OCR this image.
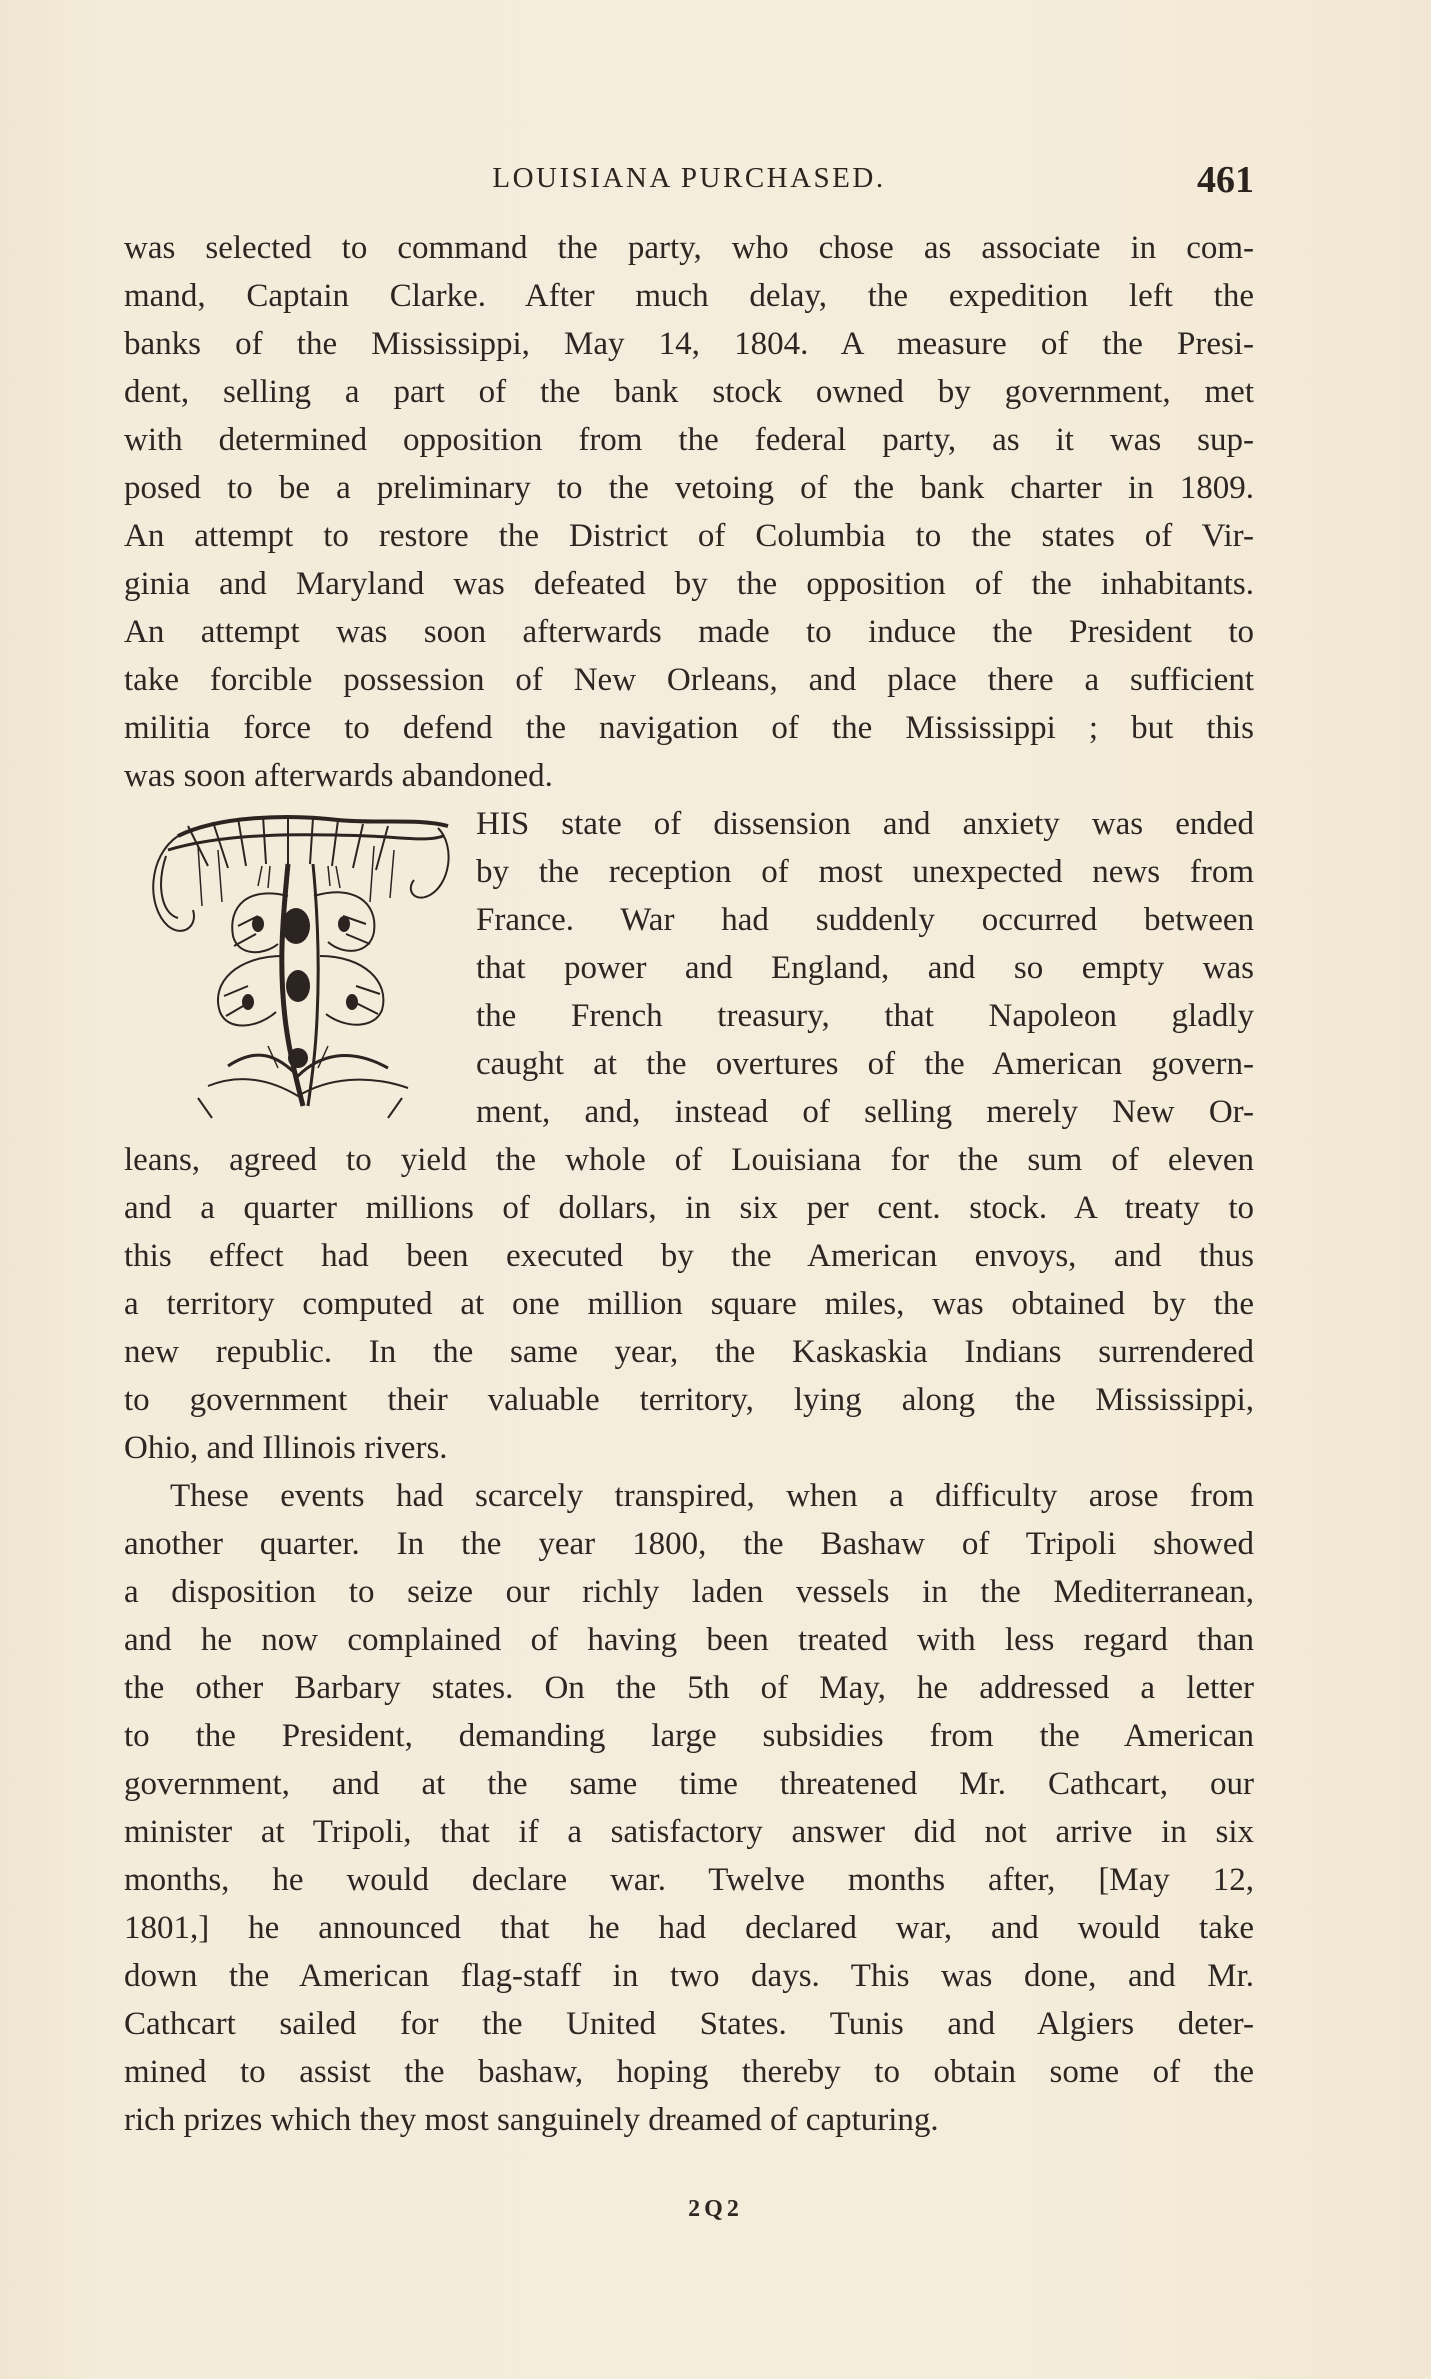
LOUISIANA PURCHASED.	461
was selected to command the party, who chose as associate in com-
mand, Captain Clarke. After much delay, the expedition left the
banks of the Mississippi, May 14, 1804. A measure of the Presi-
dent, selling a part of the bank stock owned by government, met
with determined opposition from the federal party, as it was sup-
posed to be a preliminary to the vetoing of the bank charter in 1809.
An attempt to restore the District of Columbia to the states of Vir-
ginia and Maryland was defeated by the opposition of the inhabitants.
An attempt was soon afterwards made to induce the President to
take forcible possession of New Orleans, and place there a sufficient
militia force to defend the navigation of the Mississippi ; but this
was soon afterwards abandoned.
HIS state of dissension and anxiety was ended
by the reception of most unexpected news from
France. War had suddenly occurred between
that power and England, and so empty was
the French treasury, that Napoleon gladly
caught at the overtures of the American govern-
ment, and, instead of selling merely New Or-
leans, agreed to yield the whole of Louisiana for the sum of eleven
and a quarter millions of dollars, in six per cent. stock. A treaty to
this effect had been executed by the American envoys, and thus
a territory computed at one million square miles, was obtained by the
new republic. In the same year, the Kaskaskia Indians surrendered
to government their valuable territory, lying along the Mississippi,
Ohio, and Illinois rivers.
These events had scarcely transpired, when a difficulty arose from
another quarter. In the year 1800, the Bashaw of Tripoli showed
a disposition to seize our richly laden vessels in the Mediterranean,
and he now complained of having been treated with less regard than
the other Barbary states. On the 5th of May, he addressed a letter
to the President, demanding large subsidies from the American
government, and at the same time threatened Mr. Cathcart, our
minister at Tripoli, that if a satisfactory answer did not arrive in six
months, he would declare war. Twelve months after, [May 12,
1801,] he announced that he had declared war, and would take
down the American flag-staff in two days. This was done, and Mr.
Cathcart sailed for the United States. Tunis and Algiers deter-
mined to assist the bashaw, hoping thereby to obtain some of the
rich prizes which they most sanguinely dreamed of capturing.
2Q2
